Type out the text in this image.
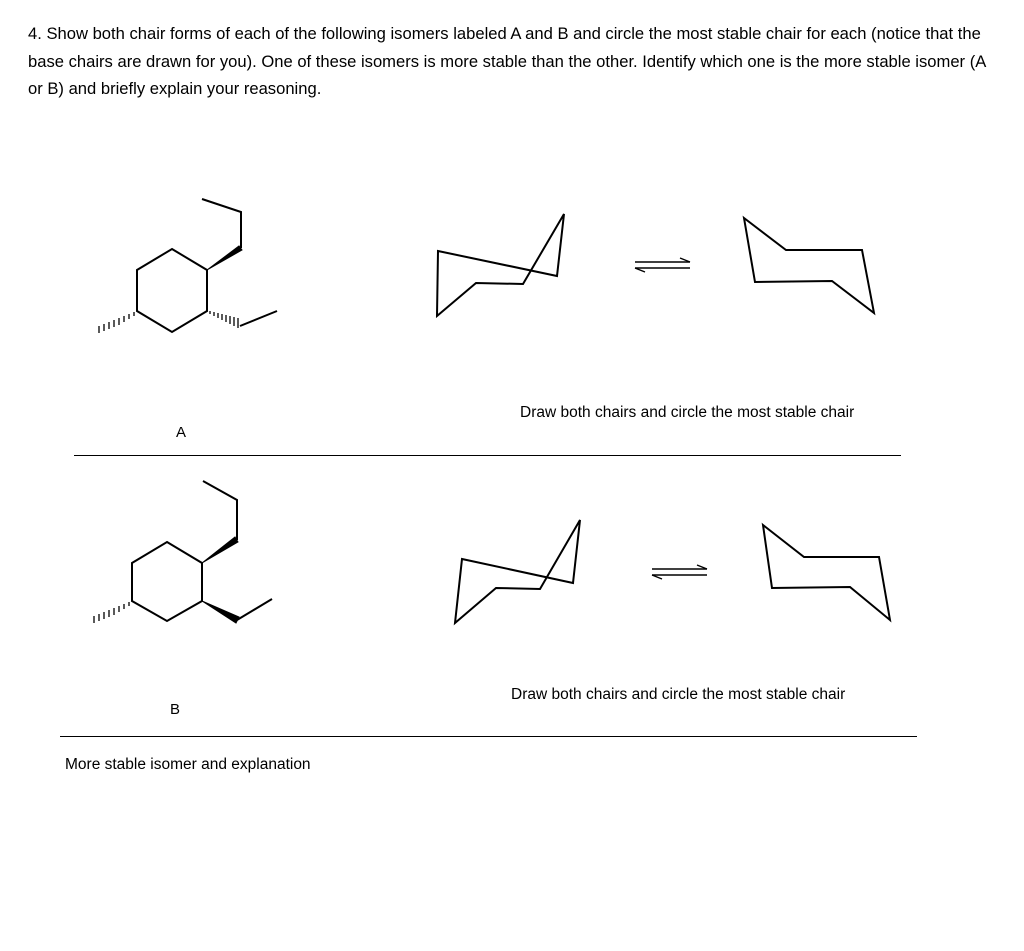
4. Show both chair forms of each of the following isomers labeled A and B and circle the most stable chair for each (notice that the base chairs are drawn for you). One of these isomers is more stable than the other. Identify which one is the more stable isomer (A or B) and briefly explain your reasoning.

A
Draw both chairs and circle the most stable chair
B
Draw both chairs and circle the most stable chair
More stable isomer and explanation
